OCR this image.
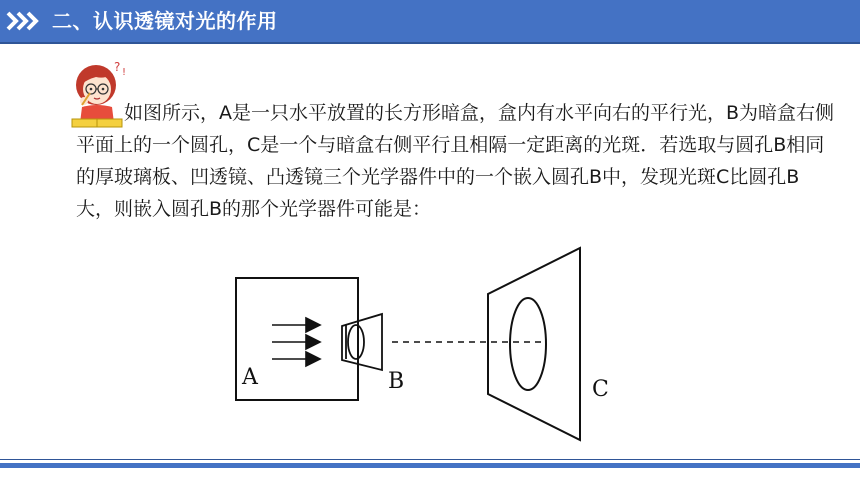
二、认识透镜对光的作用
? !

如图所示，A是一只水平放置的长方形暗盒，盒内有水平向右的平行光，B为暗盒右侧平面上的一个圆孔，C是一个与暗盒右侧平行且相隔一定距离的光斑．若选取与圆孔B相同的厚玻璃板、凹透镜、凸透镜三个光学器件中的一个嵌入圆孔B中，发现光斑C比圆孔B大，则嵌入圆孔B的那个光学器件可能是：

A	B	C
